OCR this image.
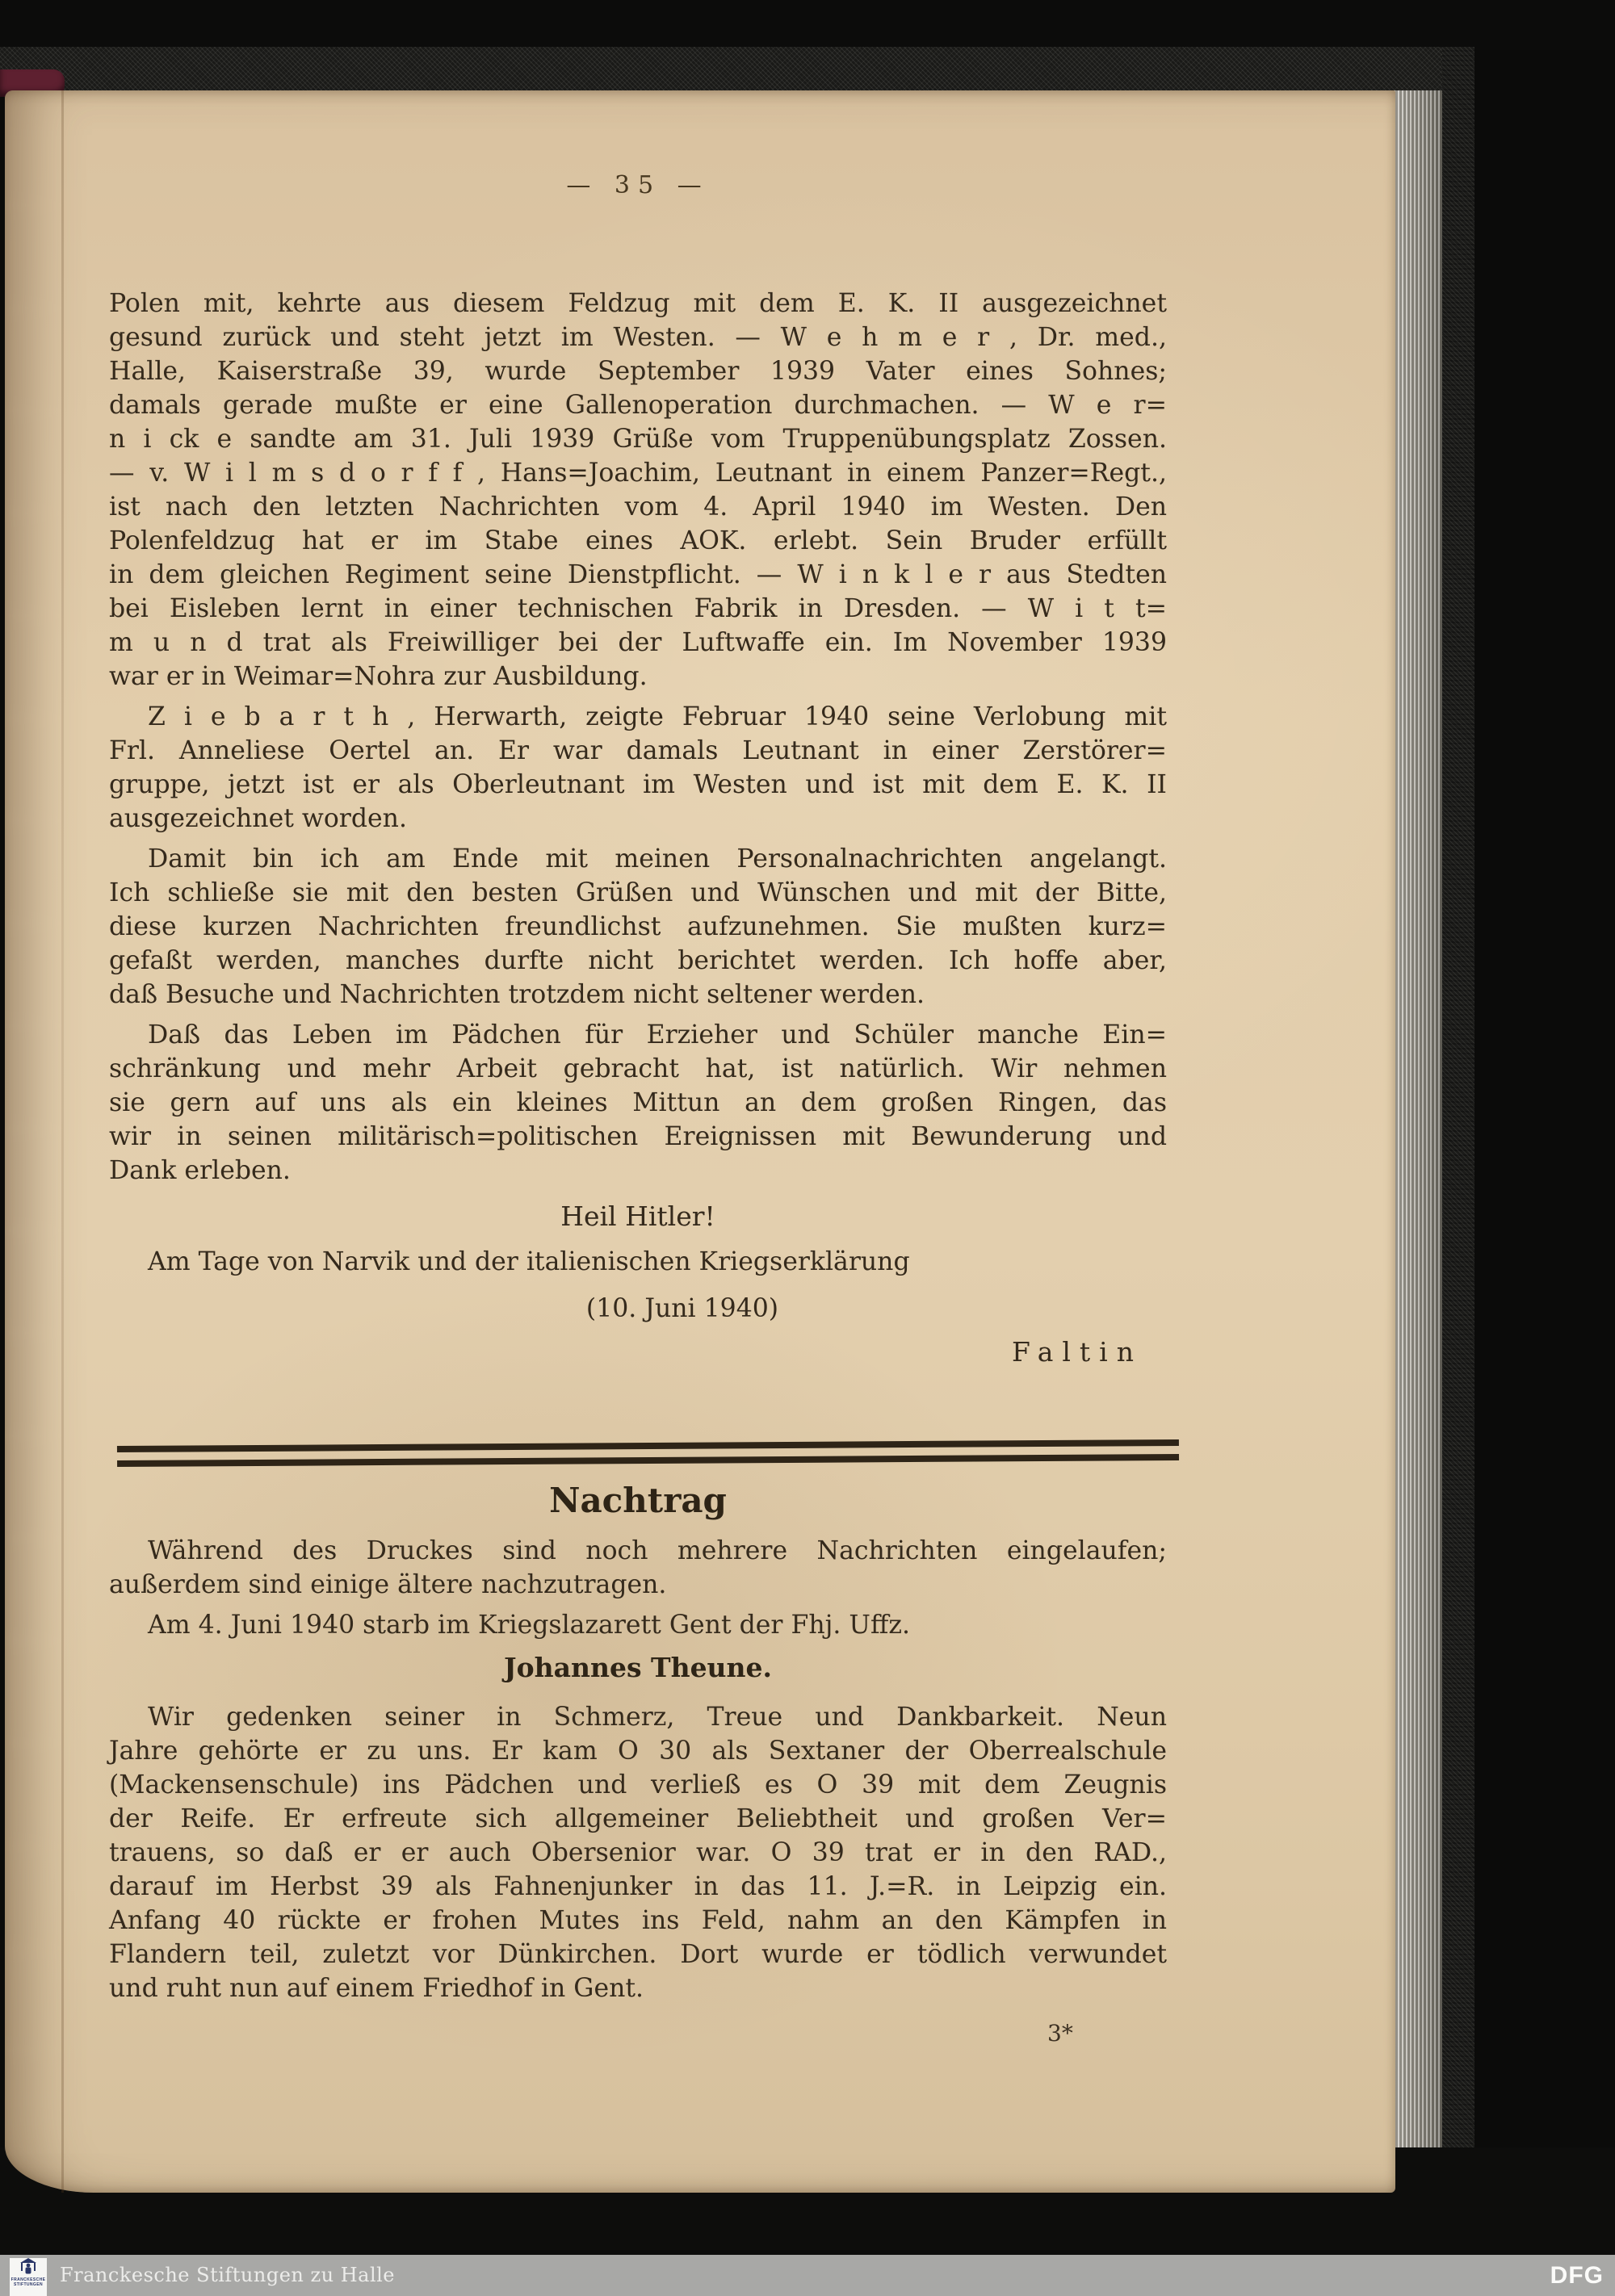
— 35 —
Polen mit, kehrte aus diesem Feldzug mit dem E. K. II ausgezeichnet
gesund zurück und steht jetzt im Westen. — W e h m e r , Dr. med.,
Halle, Kaiserstraße 39, wurde September 1939 Vater eines Sohnes;
damals gerade mußte er eine Gallenoperation durchmachen. — W e r=
n i ck e sandte am 31. Juli 1939 Grüße vom Truppenübungsplatz Zossen.
— v. W i l m s d o r f f , Hans=Joachim, Leutnant in einem Panzer=Regt.,
ist nach den letzten Nachrichten vom 4. April 1940 im Westen. Den
Polenfeldzug hat er im Stabe eines AOK. erlebt. Sein Bruder erfüllt
in dem gleichen Regiment seine Dienstpflicht. — W i n k l e r aus Stedten
bei Eisleben lernt in einer technischen Fabrik in Dresden. — W i t t=
m u n d trat als Freiwilliger bei der Luftwaffe ein. Im November 1939
war er in Weimar=Nohra zur Ausbildung.
Z i e b a r t h , Herwarth, zeigte Februar 1940 seine Verlobung mit
Frl. Anneliese Oertel an. Er war damals Leutnant in einer Zerstörer=
gruppe, jetzt ist er als Oberleutnant im Westen und ist mit dem E. K. II
ausgezeichnet worden.
Damit bin ich am Ende mit meinen Personalnachrichten angelangt.
Ich schließe sie mit den besten Grüßen und Wünschen und mit der Bitte,
diese kurzen Nachrichten freundlichst aufzunehmen. Sie mußten kurz=
gefaßt werden, manches durfte nicht berichtet werden. Ich hoffe aber,
daß Besuche und Nachrichten trotzdem nicht seltener werden.
Daß das Leben im Pädchen für Erzieher und Schüler manche Ein=
schränkung und mehr Arbeit gebracht hat, ist natürlich. Wir nehmen
sie gern auf uns als ein kleines Mittun an dem großen Ringen, das
wir in seinen militärisch=politischen Ereignissen mit Bewunderung und
Dank erleben.
Heil Hitler!
Am Tage von Narvik und der italienischen Kriegserklärung
(10. Juni 1940)
Faltin
Nachtrag
Während des Druckes sind noch mehrere Nachrichten eingelaufen;
außerdem sind einige ältere nachzutragen.
Am 4. Juni 1940 starb im Kriegslazarett Gent der Fhj. Uffz.
Johannes Theune.
Wir gedenken seiner in Schmerz, Treue und Dankbarkeit. Neun
Jahre gehörte er zu uns. Er kam O 30 als Sextaner der Oberrealschule
(Mackensenschule) ins Pädchen und verließ es O 39 mit dem Zeugnis
der Reife. Er erfreute sich allgemeiner Beliebtheit und großen Ver=
trauens, so daß er er auch Obersenior war. O 39 trat er in den RAD.,
darauf im Herbst 39 als Fahnenjunker in das 11. J.=R. in Leipzig ein.
Anfang 40 rückte er frohen Mutes ins Feld, nahm an den Kämpfen in
Flandern teil, zuletzt vor Dünkirchen. Dort wurde er tödlich verwundet
und ruht nun auf einem Friedhof in Gent.
3*
FRANCKESCHE
STIFTUNGEN Franckesche Stiftungen zu Halle	DFG
